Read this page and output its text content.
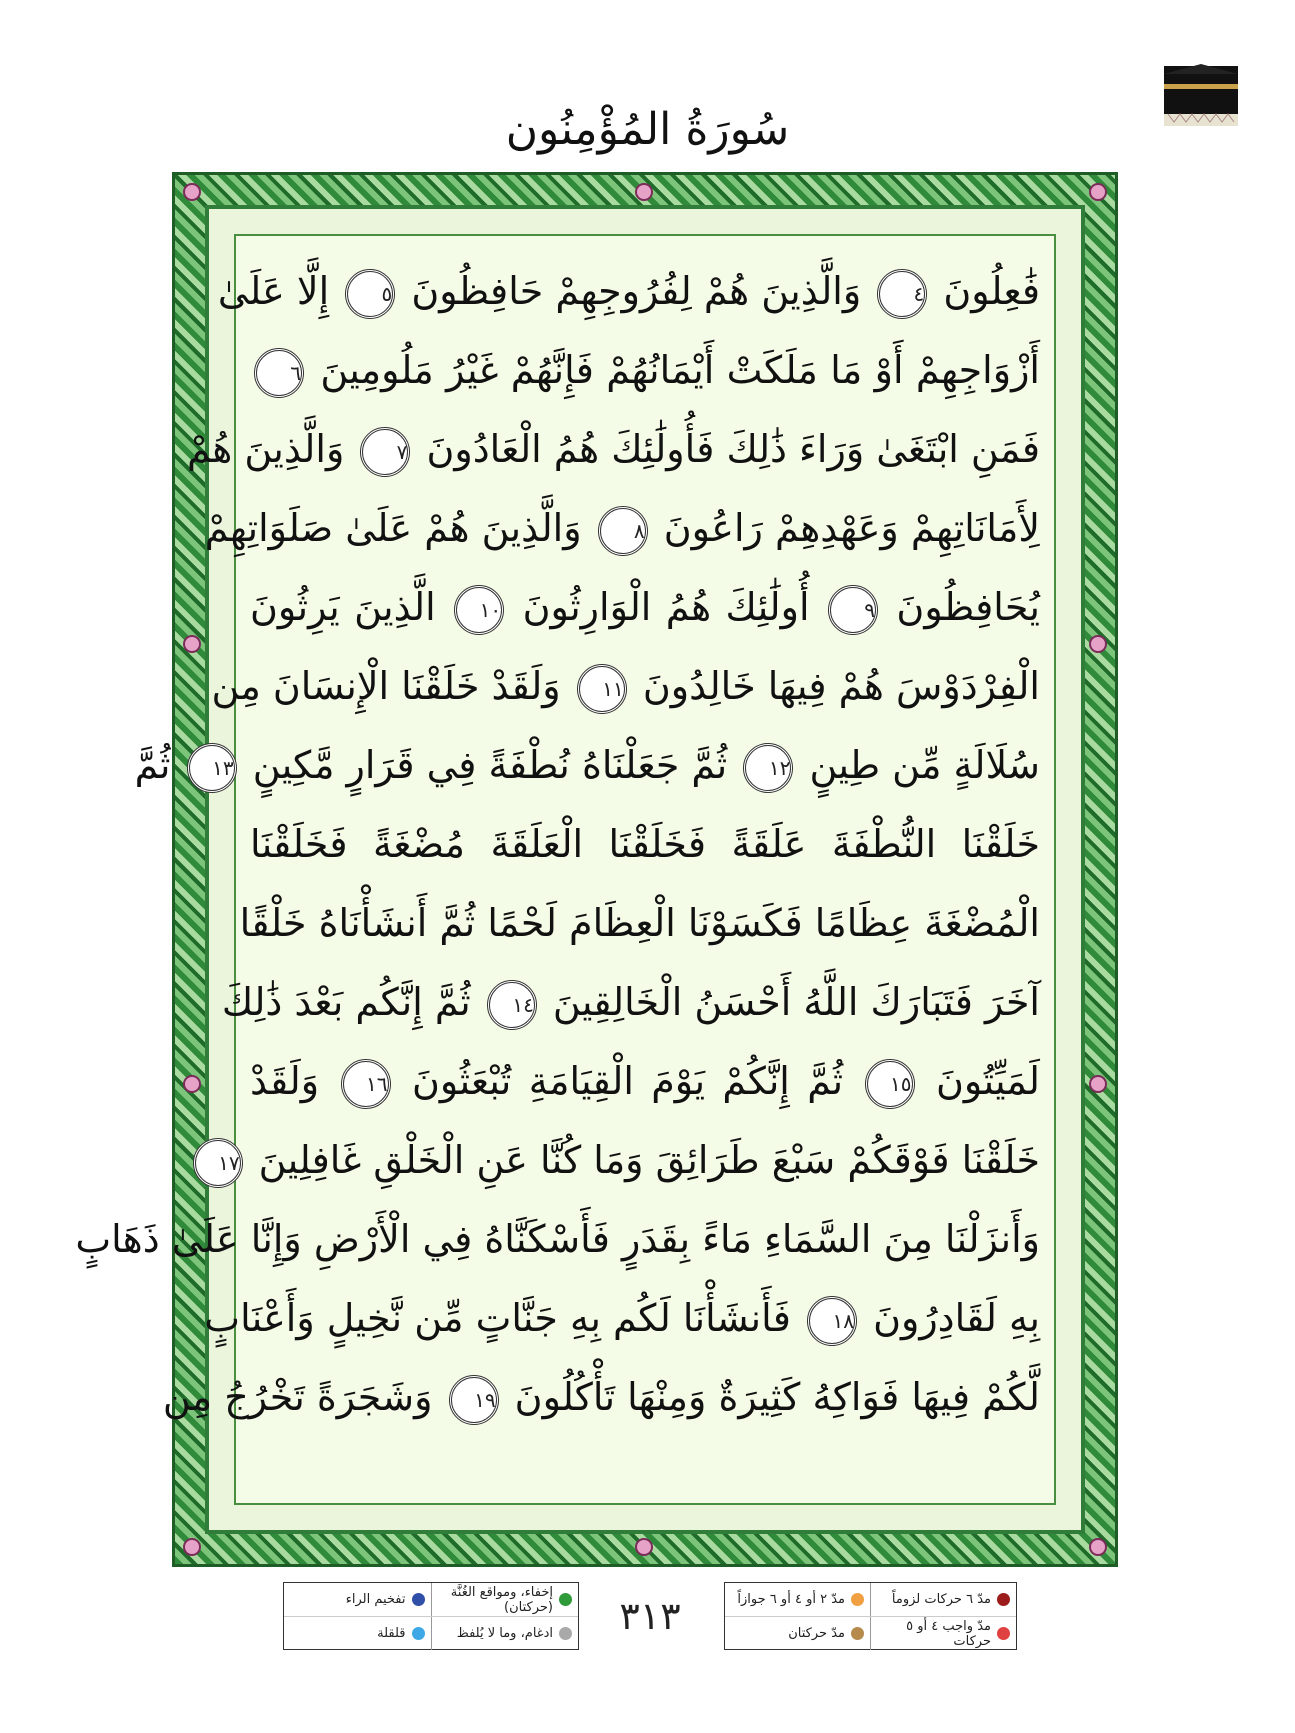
سُورَةُ المُؤْمِنُون
فَٰعِلُونَ ٤ وَالَّذِينَ هُمْ لِفُرُوجِهِمْ حَافِظُونَ ٥ إِلَّا عَلَىٰ
أَزْوَاجِهِمْ أَوْ مَا مَلَكَتْ أَيْمَانُهُمْ فَإِنَّهُمْ غَيْرُ مَلُومِينَ ٦
فَمَنِ ابْتَغَىٰ وَرَاءَ ذَٰلِكَ فَأُولَٰئِكَ هُمُ الْعَادُونَ ٧ وَالَّذِينَ هُمْ
لِأَمَانَاتِهِمْ وَعَهْدِهِمْ رَاعُونَ ٨ وَالَّذِينَ هُمْ عَلَىٰ صَلَوَاتِهِمْ
يُحَافِظُونَ ٩ أُولَٰئِكَ هُمُ الْوَارِثُونَ ١٠ الَّذِينَ يَرِثُونَ
الْفِرْدَوْسَ هُمْ فِيهَا خَالِدُونَ ١١ وَلَقَدْ خَلَقْنَا الْإِنسَانَ مِن
سُلَالَةٍ مِّن طِينٍ ١٢ ثُمَّ جَعَلْنَاهُ نُطْفَةً فِي قَرَارٍ مَّكِينٍ ١٣ ثُمَّ
خَلَقْنَا النُّطْفَةَ عَلَقَةً فَخَلَقْنَا الْعَلَقَةَ مُضْغَةً فَخَلَقْنَا
الْمُضْغَةَ عِظَامًا فَكَسَوْنَا الْعِظَامَ لَحْمًا ثُمَّ أَنشَأْنَاهُ خَلْقًا
آخَرَ فَتَبَارَكَ اللَّهُ أَحْسَنُ الْخَالِقِينَ ١٤ ثُمَّ إِنَّكُم بَعْدَ ذَٰلِكَ
لَمَيِّتُونَ ١٥ ثُمَّ إِنَّكُمْ يَوْمَ الْقِيَامَةِ تُبْعَثُونَ ١٦ وَلَقَدْ
خَلَقْنَا فَوْقَكُمْ سَبْعَ طَرَائِقَ وَمَا كُنَّا عَنِ الْخَلْقِ غَافِلِينَ ١٧
وَأَنزَلْنَا مِنَ السَّمَاءِ مَاءً بِقَدَرٍ فَأَسْكَنَّاهُ فِي الْأَرْضِ وَإِنَّا عَلَىٰ ذَهَابٍ
بِهِ لَقَادِرُونَ ١٨ فَأَنشَأْنَا لَكُم بِهِ جَنَّاتٍ مِّن نَّخِيلٍ وَأَعْنَابٍ
لَّكُمْ فِيهَا فَوَاكِهُ كَثِيرَةٌ وَمِنْهَا تَأْكُلُونَ ١٩ وَشَجَرَةً تَخْرُجُ مِن
إخفاء، ومواقع الغُنَّة (حركتان)
تفخيم الراء
ادغام، وما لا يُلفظ
قلقلة	٣١٣	مدّ ٦ حركات لزوماً
مدّ ٢ أو ٤ أو ٦ جوازاً
مدّ واجب ٤ أو ٥ حركات
مدّ حركتان
